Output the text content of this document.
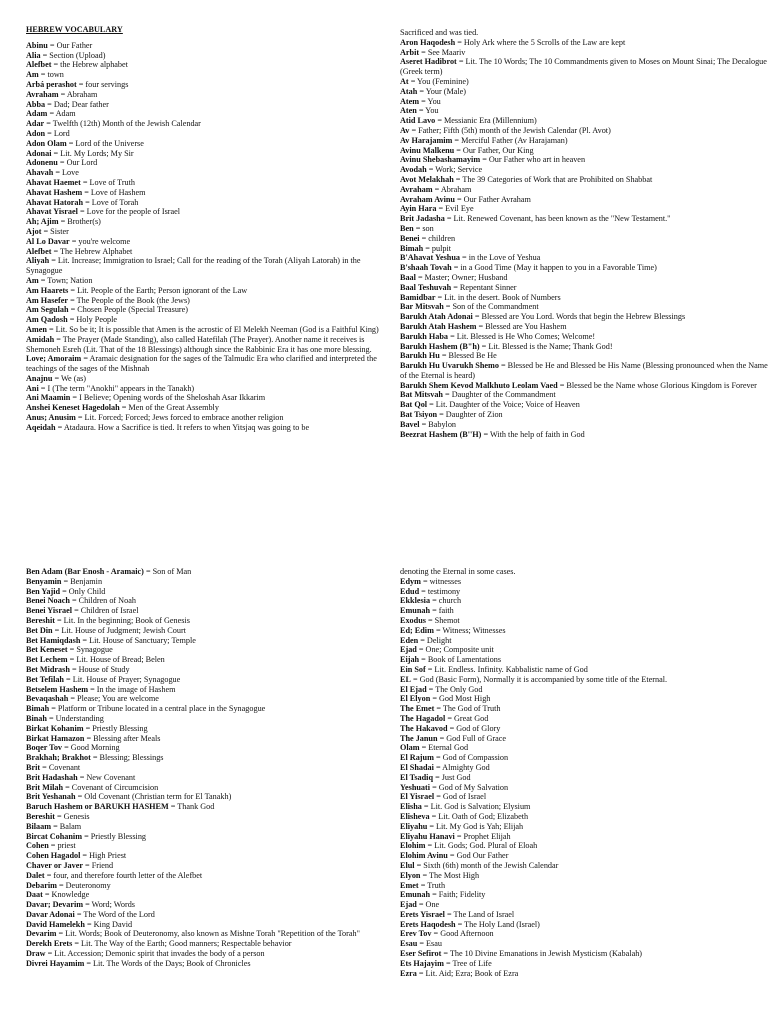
HEBREW VOCABULARY
Abinu = Our Father
Alia = Section (Upload)
Alefbet = the Hebrew alphabet
Am = town
Arbá perashot = four servings
Avraham = Abraham
Abba = Dad; Dear father
Adam = Adam
Adar = Twelfth (12th) Month of the Jewish Calendar
Adon = Lord
Adon Olam = Lord of the Universe
Adonai = Lit. My Lords; My Sir
Adonenu = Our Lord
Ahavah = Love
Ahavat Haemet = Love of Truth
Ahavat Hashem = Love of Hashem
Ahavat Hatorah = Love of Torah
Ahavat Yisrael = Love for the people of Israel
Ah; Ajim = Brother(s)
Ajot = Sister
Al Lo Davar = you're welcome
Alefbet = The Hebrew Alphabet
Aliyah = Lit. Increase; Immigration to Israel; Call for the reading of the Torah (Aliyah Latorah) in the Synagogue
Am = Town; Nation
Am Haarets = Lit. People of the Earth; Person ignorant of the Law
Am Hasefer = The People of the Book (the Jews)
Am Segulah = Chosen People (Special Treasure)
Am Qadosh = Holy People
Amen = Lit. So be it; It is possible that Amen is the acrostic of El Melekh Neeman (God is a Faithful King)
Amidah = The Prayer (Made Standing), also called Hatefilah (The Prayer). Another name it receives is Shemoneh Esreh (Lit. That of the 18 Blessings) although since the Rabbinic Era it has one more blessing.
Love; Amoraim = Aramaic designation for the sages of the Talmudic Era who clarified and interpreted the teachings of the sages of the Mishnah
Anajnu = We (as)
Ani = I (The term "Anokhi" appears in the Tanakh)
Ani Maamin = I Believe; Opening words of the Sheloshah Asar Ikkarim
Anshei Keneset Hagedolah = Men of the Great Assembly
Anus; Anusim = Lit. Forced; Forced; Jews forced to embrace another religion
Aqeidah = Atadaura. How a Sacrifice is tied. It refers to when Yitsjaq was going to be
Sacrificed and was tied.
Aron Haqodesh = Holy Ark where the 5 Scrolls of the Law are kept
Arbit = See Maariv
Aseret Hadibrot = Lit. The 10 Words; The 10 Commandments given to Moses on Mount Sinai; The Decalogue (Greek term)
At = You (Feminine)
Atah = Your (Male)
Atem = You
Aten = You
Atid Lavo = Messianic Era (Millennium)
Av = Father; Fifth (5th) month of the Jewish Calendar (Pl. Avot)
Av Harajamim = Merciful Father (Av Harajaman)
Avinu Malkenu = Our Father, Our King
Avinu Shebashamayim = Our Father who art in heaven
Avodah = Work; Service
Avot Melakhah = The 39 Categories of Work that are Prohibited on Shabbat
Avraham = Abraham
Avraham Avinu = Our Father Avraham
Ayin Hara = Evil Eye
Brit Jadasha = Lit. Renewed Covenant, has been known as the "New Testament."
Ben = son
Benei = children
Bimah = pulpit
B'Ahavat Yeshua = in the Love of Yeshua
B'shaah Tovah = in a Good Time (May it happen to you in a Favorable Time)
Baal = Master; Owner; Husband
Baal Teshuvah = Repentant Sinner
Bamidbar = Lit. in the desert. Book of Numbers
Bar Mitsvah = Son of the Commandment
Barukh Atah Adonai = Blessed are You Lord. Words that begin the Hebrew Blessings
Barukh Atah Hashem = Blessed are You Hashem
Barukh Haba = Lit. Blessed is He Who Comes; Welcome!
Barukh Hashem (B"h) = Lit. Blessed is the Name; Thank God!
Barukh Hu = Blessed Be He
Barukh Hu Uvarukh Shemo = Blessed be He and Blessed be His Name (Blessing pronounced when the Name of the Eternal is heard)
Barukh Shem Kevod Malkhuto Leolam Vaed = Blessed be the Name whose Glorious Kingdom is Forever
Bat Mitsvah = Daughter of the Commandment
Bat Qol = Lit. Daughter of the Voice; Voice of Heaven
Bat Tsiyon = Daughter of Zion
Bavel = Babylon
Beezrat Hashem (B''H) = With the help of faith in God
Ben Adam (Bar Enosh - Aramaic) = Son of Man
Benyamin = Benjamin
Ben Yajid = Only Child
Benei Noach = Children of Noah
Benei Yisrael = Children of Israel
Bereshit = Lit. In the beginning; Book of Genesis
Bet Din = Lit. House of Judgment; Jewish Court
Bet Hamiqdash = Lit. House of Sanctuary; Temple
Bet Keneset = Synagogue
Bet Lechem = Lit. House of Bread; Belen
Bet Midrash = House of Study
Bet Tefilah = Lit. House of Prayer; Synagogue
Betselem Hashem = In the image of Hashem
Bevaqashah = Please; You are welcome
Bimah = Platform or Tribune located in a central place in the Synagogue
Binah = Understanding
Birkat Kohanim = Priestly Blessing
Birkat Hamazon = Blessing after Meals
Boqer Tov = Good Morning
Brakhah; Brakhot = Blessing; Blessings
Brit = Covenant
Brit Hadashah = New Covenant
Brit Milah = Covenant of Circumcision
Brit Yeshanah = Old Covenant (Christian term for El Tanakh)
Baruch Hashem or BARUKH HASHEM = Thank God
Bereshit = Genesis
Bilaam = Balam
Bircat Cohanim = Priestly Blessing
Cohen = priest
Cohen Hagadol = High Priest
Chaver or Javer = Friend
Dalet = four, and therefore fourth letter of the Alefbet
Debarim = Deuteronomy
Daat = Knowledge
Davar; Devarim = Word; Words
Davar Adonai = The Word of the Lord
David Hamelekh = King David
Devarim = Lit. Words; Book of Deuteronomy, also known as Mishne Torah "Repetition of the Torah"
Derekh Erets = Lit. The Way of the Earth; Good manners; Respectable behavior
Draw = Lit. Accession; Demonic spirit that invades the body of a person
Divrei Hayamim = Lit. The Words of the Days; Book of Chronicles
denoting the Eternal in some cases.
Edym = witnesses
Edud = testimony
Ekklesia = church
Emunah = faith
Exodus = Shemot
Ed; Edim = Witness; Witnesses
Eden = Delight
Ejad = One; Composite unit
Eijah = Book of Lamentations
Ein Sof = Lit. Endless. Infinity. Kabbalistic name of God
EL = God (Basic Form), Normally it is accompanied by some title of the Eternal.
El Ejad = The Only God
El Elyon = God Most High
The Emet = The God of Truth
The Hagadol = Great God
The Hakavod = God of Glory
The Janun = God Full of Grace
Olam = Eternal God
El Rajum = God of Compassion
El Shadai = Almighty God
El Tsadiq = Just God
Yeshuati = God of My Salvation
El Yisrael = God of Israel
Elisha = Lit. God is Salvation; Elysium
Elisheva = Lit. Oath of God; Elizabeth
Eliyahu = Lit. My God is Yah; Elijah
Eliyahu Hanavi = Prophet Elijah
Elohim = Lit. Gods; God. Plural of Eloah
Elohim Avinu = God Our Father
Elul = Sixth (6th) month of the Jewish Calendar
Elyon = The Most High
Emet = Truth
Emunah = Faith; Fidelity
Ejad = One
Erets Yisrael = The Land of Israel
Erets Haqodesh = The Holy Land (Israel)
Erev Tov = Good Afternoon
Esau = Esau
Eser Sefirot = The 10 Divine Emanations in Jewish Mysticism (Kabalah)
Ets Hajayim = Tree of Life
Ezra = Lit. Aid; Ezra; Book of Ezra
